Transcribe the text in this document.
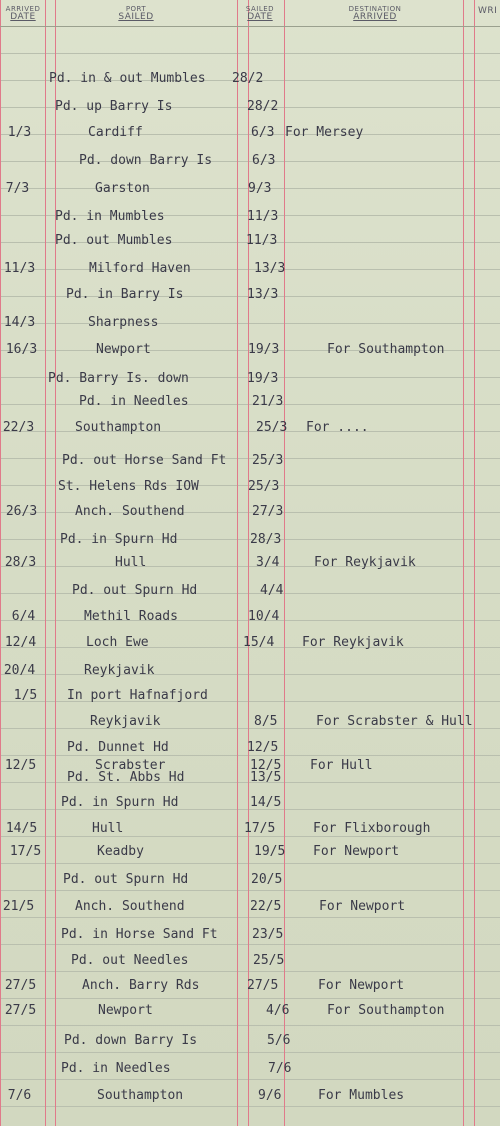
ARRIVED
DATE
PORT
SAILED
SAILED
DATE
DESTINATION
ARRIVED
WRI
Pd. in & out Mumbles 28/2
Pd. up Barry Is	28/2
1/3	Cardiff	6/3 For Mersey
Pd. down Barry Is	6/3
7/3	Garston	9/3
Pd. in Mumbles	11/3
Pd. out Mumbles	11/3
11/3	Milford Haven	13/3
Pd. in Barry Is	13/3
14/3	Sharpness
16/3	Newport	19/3	For Southampton
Pd. Barry Is. down	19/3
Pd. in Needles	21/3
22/3	Southampton	25/3 For ....
Pd. out Horse Sand Ft 25/3
St. Helens Rds IOW	25/3
26/3	Anch. Southend	27/3
Pd. in Spurn Hd	28/3
28/3	Hull	3/4	For Reykjavik
Pd. out Spurn Hd	4/4
6/4	Methil Roads	10/4
12/4	Loch Ewe	15/4 For Reykjavik
20/4	Reykjavik
1/5	In port Hafnafjord
Reykjavik	8/5	For Scrabster & Hull
Pd. Dunnet Hd	12/5
12/5	Scrabster	12/5 For Hull
Pd. St. Abbs Hd	13/5
Pd. in Spurn Hd	14/5
14/5	Hull	17/5	For Flixborough
17/5	Keadby	19/5 For Newport
Pd. out Spurn Hd	20/5
21/5	Anch. Southend	22/5	For Newport
Pd. in Horse Sand Ft	23/5
Pd. out Needles	25/5
27/5	Anch. Barry Rds	27/5	For Newport
27/5	Newport	4/6	For Southampton
Pd. down Barry Is	5/6
Pd. in Needles	7/6
7/6	Southampton	9/6	For Mumbles
